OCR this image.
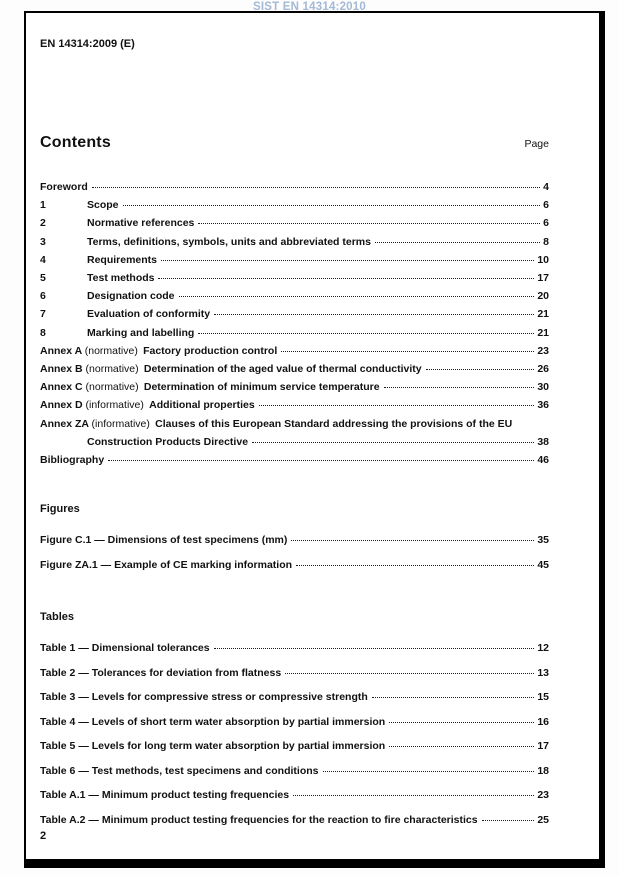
SIST EN 14314:2010
EN 14314:2009 (E)
Contents	Page
Foreword	4
1	Scope	6
2	Normative references	6
3	Terms, definitions, symbols, units and abbreviated terms	8
4	Requirements	10
5	Test methods	17
6	Designation code	20
7	Evaluation of conformity	21
8	Marking and labelling	21
Annex A (normative) Factory production control	23
Annex B (normative) Determination of the aged value of thermal conductivity	26
Annex C (normative) Determination of minimum service temperature	30
Annex D (informative) Additional properties	36
Annex ZA (informative) Clauses of this European Standard addressing the provisions of the EU
Construction Products Directive	38
Bibliography	46
Figures
Figure C.1 — Dimensions of test specimens (mm)	35
Figure ZA.1 — Example of CE marking information	45
Tables
Table 1 — Dimensional tolerances	12
Table 2 — Tolerances for deviation from flatness	13
Table 3 — Levels for compressive stress or compressive strength	15
Table 4 — Levels of short term water absorption by partial immersion	16
Table 5 — Levels for long term water absorption by partial immersion	17
Table 6 — Test methods, test specimens and conditions	18
Table A.1 — Minimum product testing frequencies	23
Table A.2 — Minimum product testing frequencies for the reaction to fire characteristics	25
2
